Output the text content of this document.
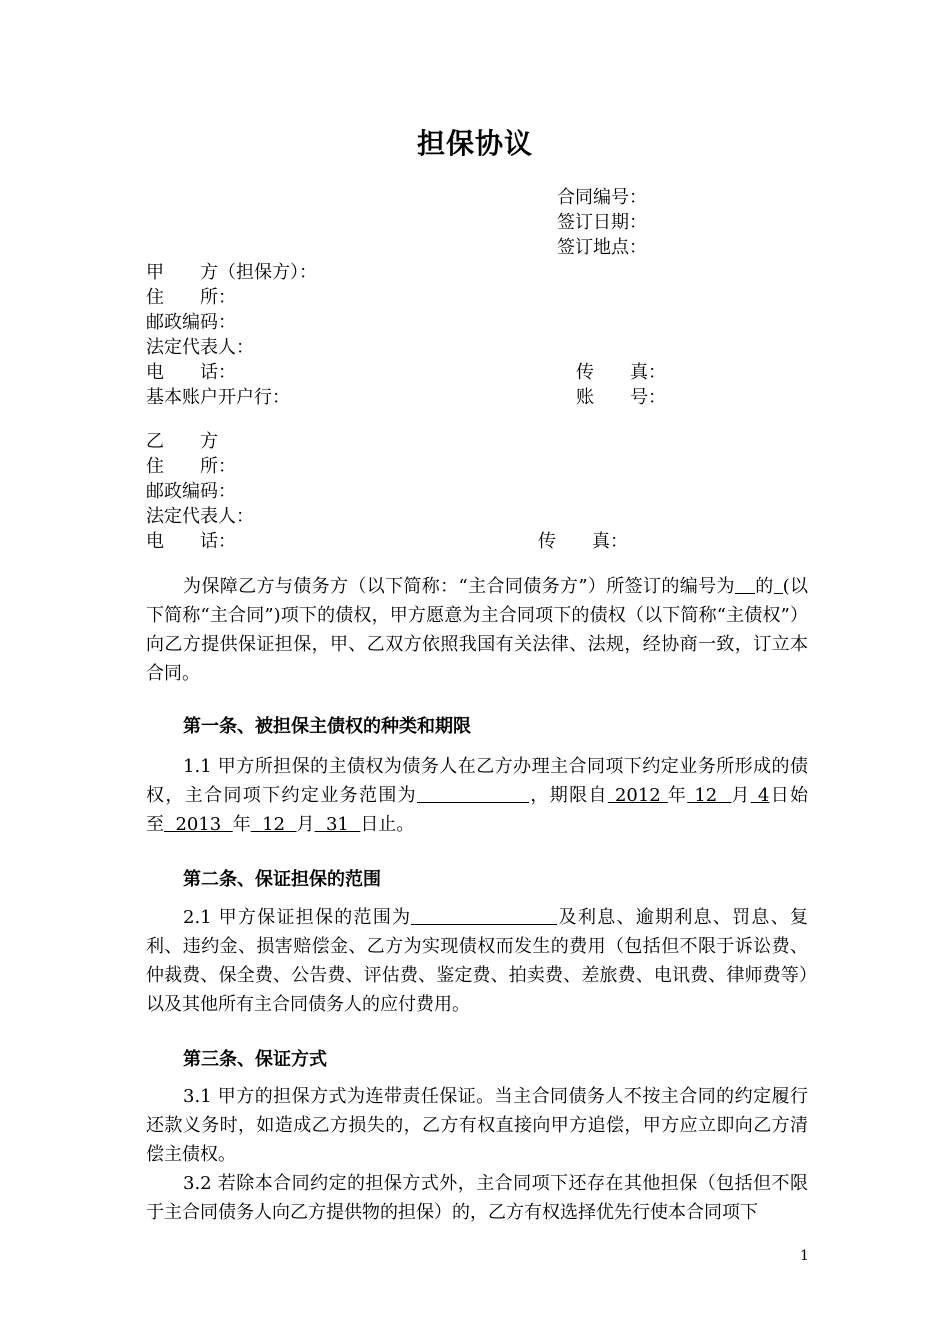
担保协议
合同编号：
签订日期：
签订地点：
甲　　方（担保方）：
住　　所：
邮政编码：
法定代表人：
电　　话：	传　　真：
基本账户开户行：	账　　号：
乙　　方
住　　所：
邮政编码：
法定代表人：
电　　话：	传　　真：
为保障乙方与债务方（以下简称：“主合同债务方”）所签订的编号为 的 (以下简称“主合同”)项下的债权，甲方愿意为主合同项下的债权（以下简称“主债权”）向乙方提供保证担保，甲、乙双方依照我国有关法律、法规，经协商一致，订立本合同。
第一条、被担保主债权的种类和期限
1.1 甲方所担保的主债权为债务人在乙方办理主合同项下约定业务所形成的债权，主合同项下约定业务范围为	，期限自 2012 年 12 月 4日始至 2013 年 12 月 31 日止。
第二条、保证担保的范围
2.1 甲方保证担保的范围为	及利息、逾期利息、罚息、复利、违约金、损害赔偿金、乙方为实现债权而发生的费用（包括但不限于诉讼费、仲裁费、保全费、公告费、评估费、鉴定费、拍卖费、差旅费、电讯费、律师费等）以及其他所有主合同债务人的应付费用。
第三条、保证方式
3.1 甲方的担保方式为连带责任保证。当主合同债务人不按主合同的约定履行还款义务时，如造成乙方损失的，乙方有权直接向甲方追偿，甲方应立即向乙方清偿主债权。
3.2 若除本合同约定的担保方式外，主合同项下还存在其他担保（包括但不限于主合同债务人向乙方提供物的担保）的，乙方有权选择优先行使本合同项下
1
